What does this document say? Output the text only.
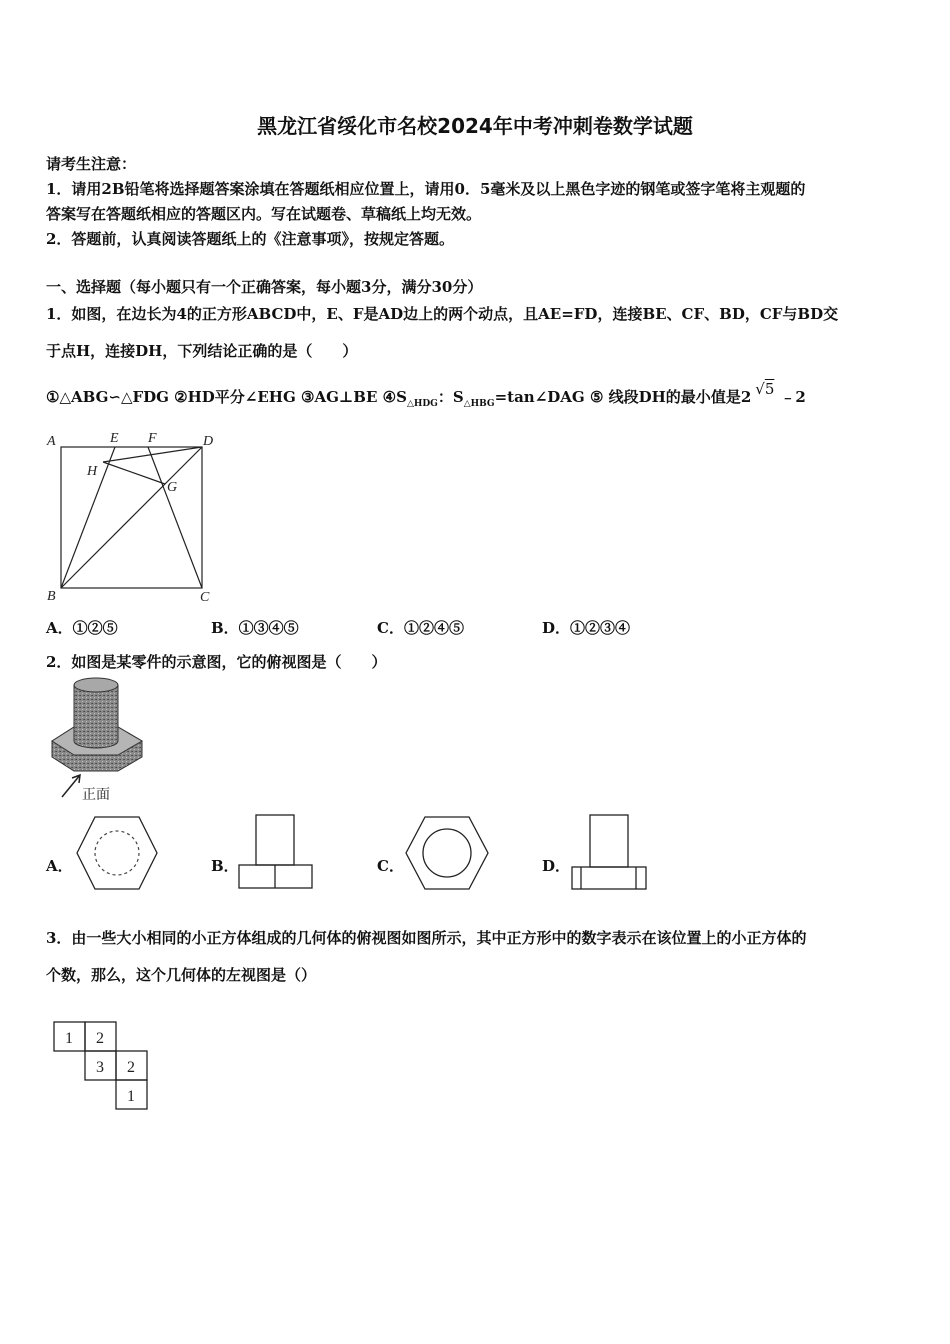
黑龙江省绥化市名校2024年中考冲刺卷数学试题
请考生注意：
1．请用2B铅笔将选择题答案涂填在答题纸相应位置上，请用0．5毫米及以上黑色字迹的钢笔或签字笔将主观题的
答案写在答题纸相应的答题区内。写在试题卷、草稿纸上均无效。
2．答题前，认真阅读答题纸上的《注意事项》，按规定答题。
一、选择题（每小题只有一个正确答案，每小题3分，满分30分）
1．如图，在边长为4的正方形ABCD中，E、F是AD边上的两个动点，且AE=FD，连接BE、CF、BD，CF与BD交
于点H，连接DH，下列结论正确的是（　　）
①△ABG∽△FDG ②HD平分∠EHG ③AG⊥BE $④S_{\triangle HDG}$：$S_{\triangle HBG}=\tan\angle DAG$ ⑤ 线段DH的最小值是2 √5 ﹣2
A	E F	D
H
G
B	C
A．①②⑤	B．①③④⑤	C．①②④⑤	D．①②③④
2．如图是某零件的示意图，它的俯视图是（　　）
正面
A．	B．	C．	D．
3．由一些大小相同的小正方体组成的几何体的俯视图如图所示，其中正方形中的数字表示在该位置上的小正方体的
个数，那么，这个几何体的左视图是（）
1 2
3 2
1
